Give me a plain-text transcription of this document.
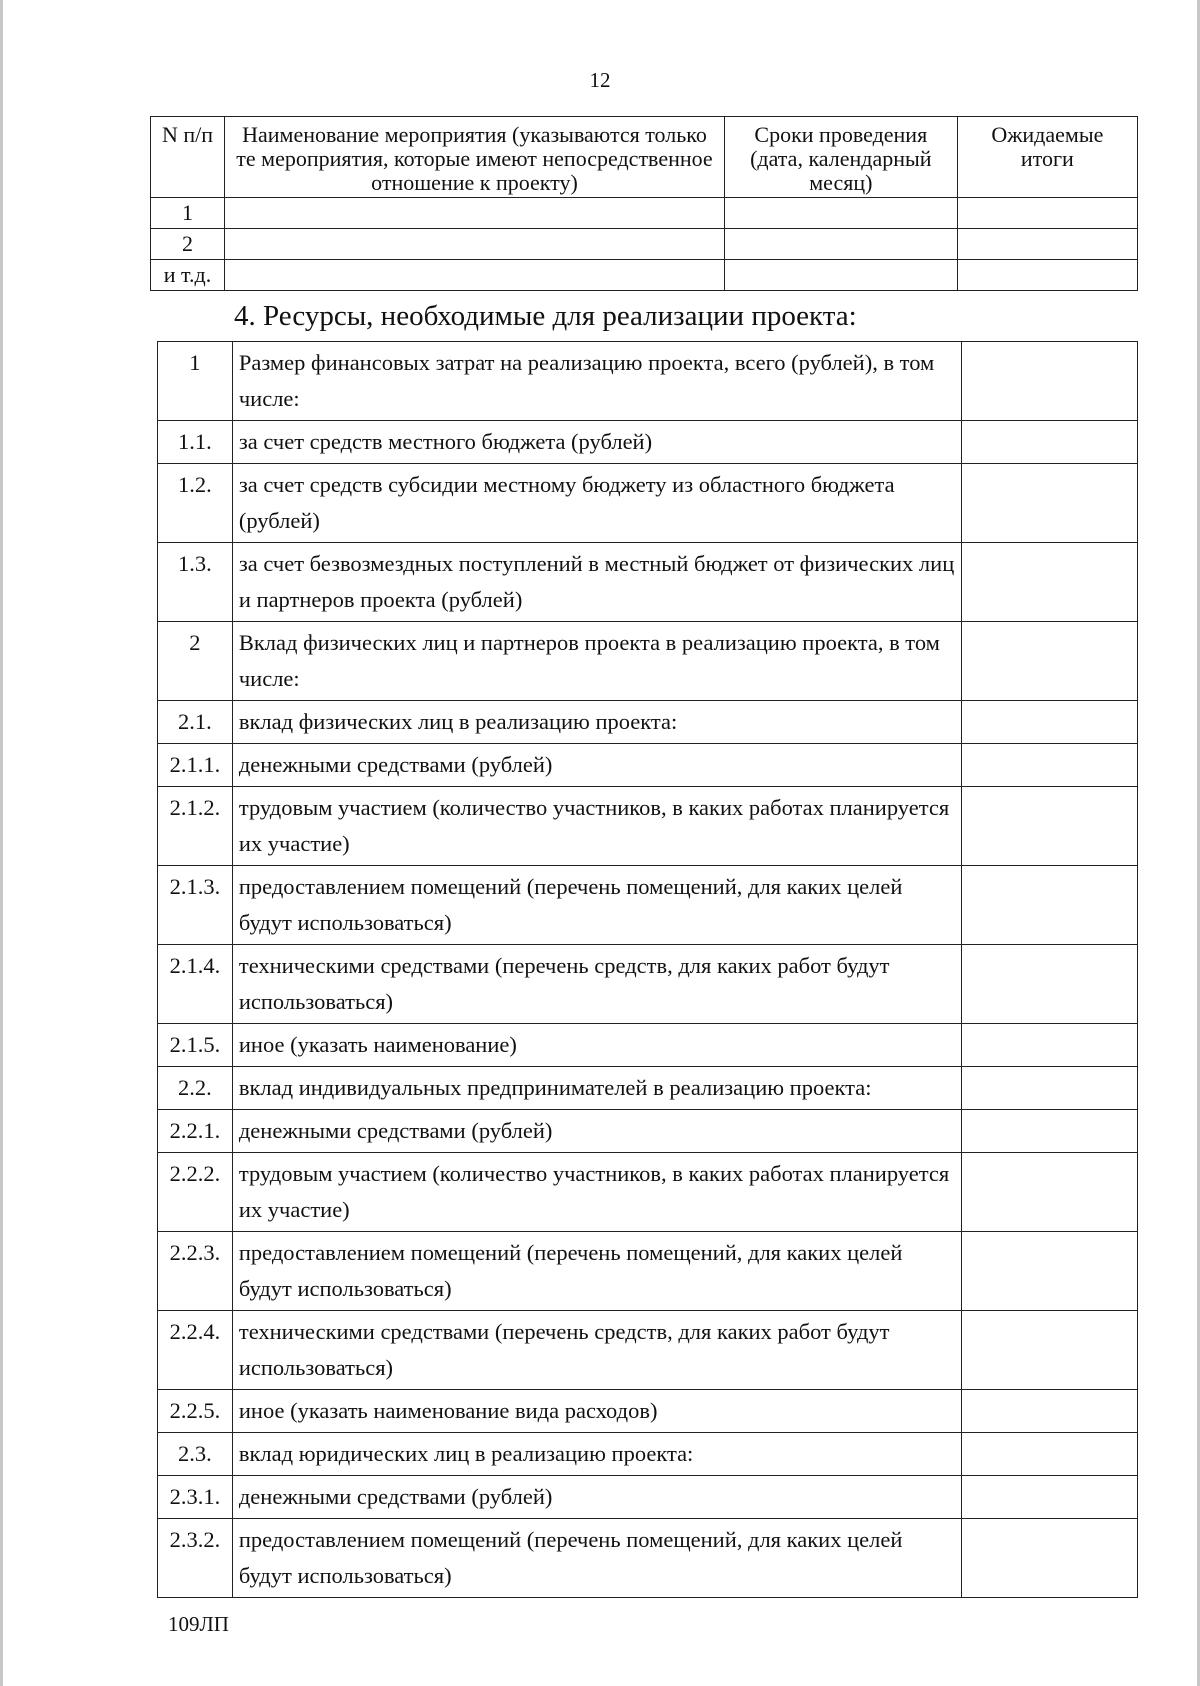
12
N п/п	Наименование мероприятия (указываются только те мероприятия, которые имеют непосредственное отношение к проекту)	Сроки проведения (дата, календарный месяц)	Ожидаемые итоги
1			
2			
и т.д.			
4. Ресурсы, необходимые для реализации проекта:
1	Размер финансовых затрат на реализацию проекта, всего (рублей), в том числе:	
1.1.	за счет средств местного бюджета (рублей)	
1.2.	за счет средств субсидии местному бюджету из областного бюджета (рублей)	
1.3.	за счет безвозмездных поступлений в местный бюджет от физических лиц и партнеров проекта (рублей)	
2	Вклад физических лиц и партнеров проекта в реализацию проекта, в том числе:	
2.1.	вклад физических лиц в реализацию проекта:	
2.1.1.	денежными средствами (рублей)	
2.1.2.	трудовым участием (количество участников, в каких работах планируется их участие)	
2.1.3.	предоставлением помещений (перечень помещений, для каких целей будут использоваться)	
2.1.4.	техническими средствами (перечень средств, для каких работ будут использоваться)	
2.1.5.	иное (указать наименование)	
2.2.	вклад индивидуальных предпринимателей в реализацию проекта:	
2.2.1.	денежными средствами (рублей)	
2.2.2.	трудовым участием (количество участников, в каких работах планируется их участие)	
2.2.3.	предоставлением помещений (перечень помещений, для каких целей будут использоваться)	
2.2.4.	техническими средствами (перечень средств, для каких работ будут использоваться)	
2.2.5.	иное (указать наименование вида расходов)	
2.3.	вклад юридических лиц в реализацию проекта:	
2.3.1.	денежными средствами (рублей)	
2.3.2.	предоставлением помещений (перечень помещений, для каких целей будут использоваться)	
109ЛП
